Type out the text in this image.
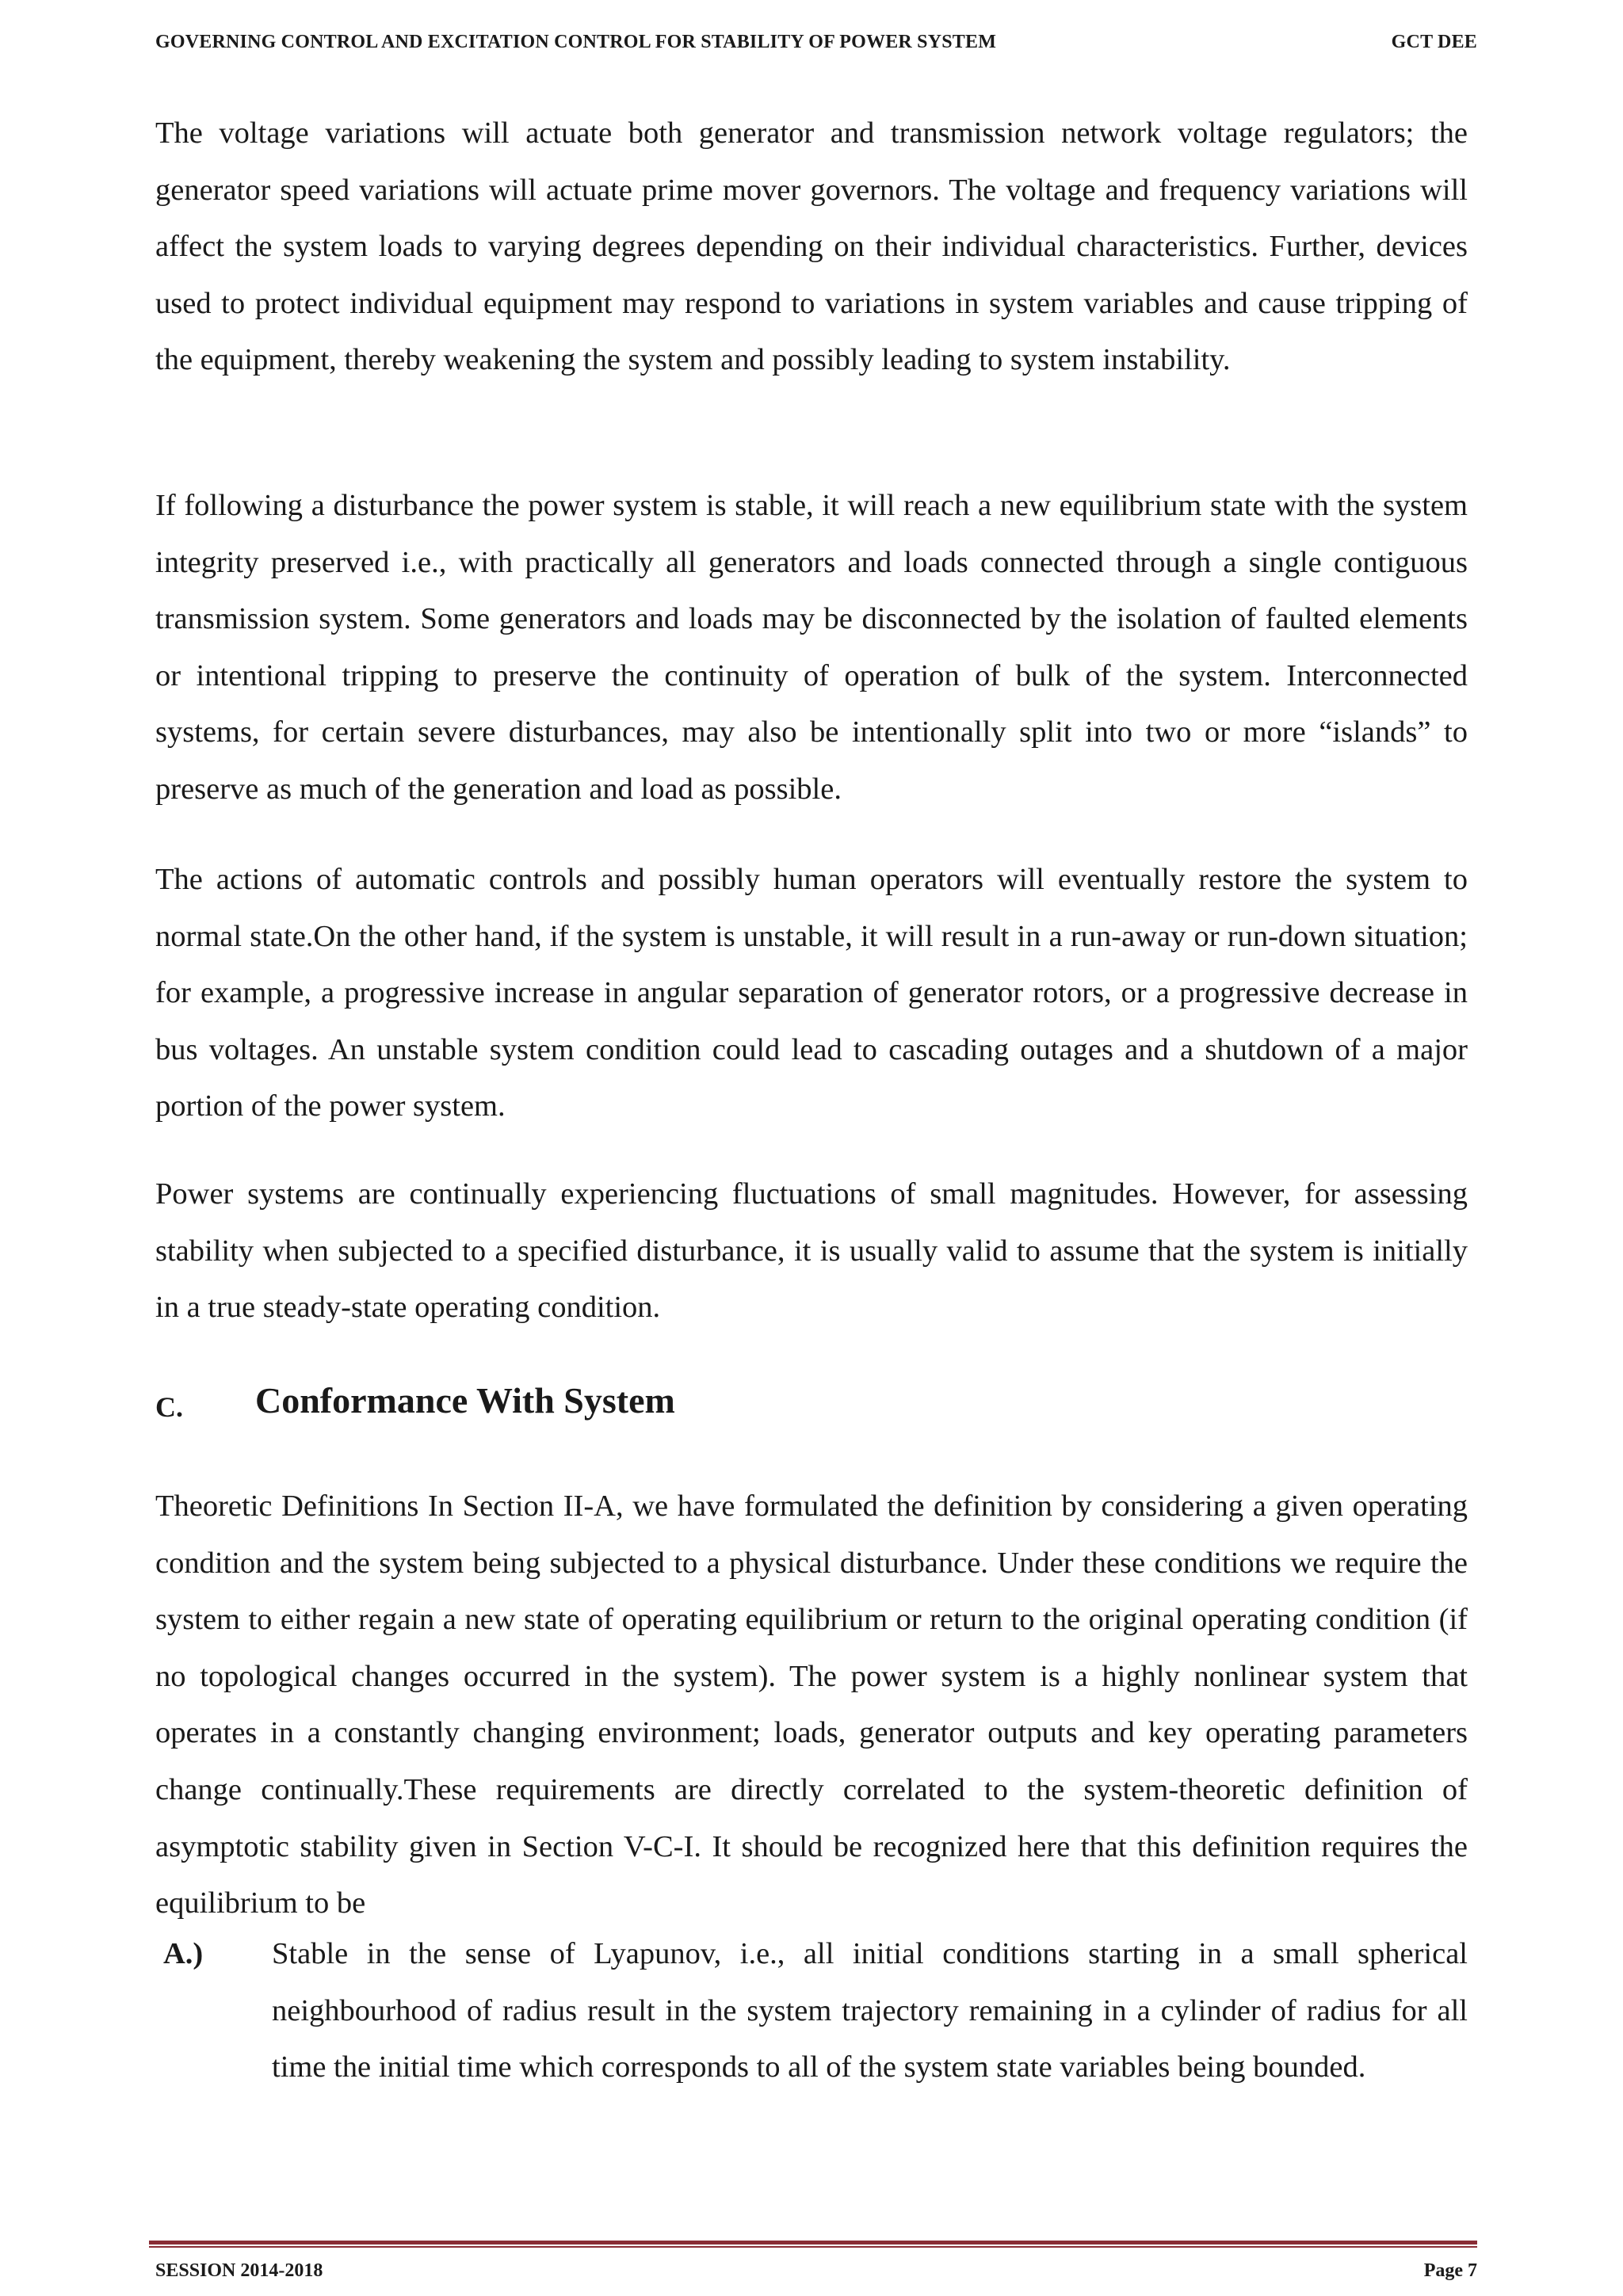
GOVERNING CONTROL AND EXCITATION CONTROL FOR STABILITY OF POWER SYSTEM	GCT DEE

The voltage variations will actuate both generator and transmission network voltage regulators; the generator speed variations will actuate prime mover governors. The voltage and frequency variations will affect the system loads to varying degrees depending on their individual characteristics. Further, devices used to protect individual equipment may respond to variations in system variables and cause tripping of the equipment, thereby weakening the system and possibly leading to system instability.

If following a disturbance the power system is stable, it will reach a new equilibrium state with the system integrity preserved i.e., with practically all generators and loads connected through a single contiguous transmission system. Some generators and loads may be disconnected by the isolation of faulted elements or intentional tripping to preserve the continuity of operation of bulk of the system. Interconnected systems, for certain severe disturbances, may also be intentionally split into two or more “islands” to preserve as much of the generation and load as possible.

The actions of automatic controls and possibly human operators will eventually restore the system to normal state.On the other hand, if the system is unstable, it will result in a run-away or run-down situation; for example, a progressive increase in angular separation of generator rotors, or a progressive decrease in bus voltages. An unstable system condition could lead to cascading outages and a shutdown of a major portion of the power system.

Power systems are continually experiencing fluctuations of small magnitudes. However, for assessing stability when subjected to a specified disturbance, it is usually valid to assume that the system is initially in a true steady-state operating condition.

C. Conformance With System

Theoretic Definitions In Section II-A, we have formulated the definition by considering a given operating condition and the system being subjected to a physical disturbance. Under these conditions we require the system to either regain a new state of operating equilibrium or return to the original operating condition (if no topological changes occurred in the system). The power system is a highly nonlinear system that operates in a constantly changing environment; loads, generator outputs and key operating parameters change continually.These requirements are directly correlated to the system-theoretic definition of asymptotic stability given in Section V-C-I. It should be recognized here that this definition requires the equilibrium to be

A.) Stable in the sense of Lyapunov, i.e., all initial conditions starting in a small spherical neighbourhood of radius result in the system trajectory remaining in a cylinder of radius for all time the initial time which corresponds to all of the system state variables being bounded.

SESSION 2014-2018	Page 7
